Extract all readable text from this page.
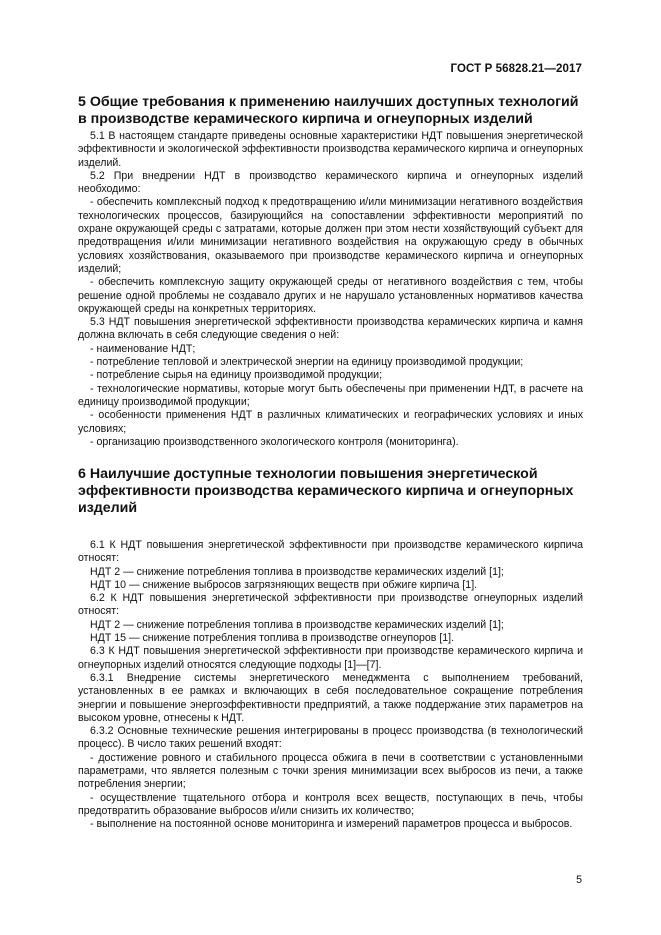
ГОСТ Р 56828.21—2017
5 Общие требования к применению наилучших доступных технологий в производстве керамического кирпича и огнеупорных изделий

5.1 В настоящем стандарте приведены основные характеристики НДТ повышения энергетической эффективности и экологической эффективности производства керамического кирпича и огнеупорных изделий.

5.2 При внедрении НДТ в производство керамического кирпича и огнеупорных изделий необходимо:

- обеспечить комплексный подход к предотвращению и/или минимизации негативного воздействия технологических процессов, базирующийся на сопоставлении эффективности мероприятий по охране окружающей среды с затратами, которые должен при этом нести хозяйствующий субъект для предотвращения и/или минимизации негативного воздействия на окружающую среду в обычных условиях хозяйствования, оказываемого при производстве керамического кирпича и огнеупорных изделий;

- обеспечить комплексную защиту окружающей среды от негативного воздействия с тем, чтобы решение одной проблемы не создавало других и не нарушало установленных нормативов качества окружающей среды на конкретных территориях.

5.3 НДТ повышения энергетической эффективности производства керамических кирпича и камня должна включать в себя следующие сведения о ней:

- наименование НДТ;

- потребление тепловой и электрической энергии на единицу производимой продукции;

- потребление сырья на единицу производимой продукции;

- технологические нормативы, которые могут быть обеспечены при применении НДТ, в расчете на единицу производимой продукции;

- особенности применения НДТ в различных климатических и географических условиях и иных условиях;

- организацию производственного экологического контроля (мониторинга).

6 Наилучшие доступные технологии повышения энергетической эффективности производства керамического кирпича и огнеупорных изделий

6.1 К НДТ повышения энергетической эффективности при производстве керамического кирпича относят:

НДТ 2 — снижение потребления топлива в производстве керамических изделий [1];

НДТ 10 — снижение выбросов загрязняющих веществ при обжиге кирпича [1].

6.2 К НДТ повышения энергетической эффективности при производстве огнеупорных изделий относят:

НДТ 2 — снижение потребления топлива в производстве керамических изделий [1];

НДТ 15 — снижение потребления топлива в производстве огнеупоров [1].

6.3 К НДТ повышения энергетической эффективности при производстве керамического кирпича и огнеупорных изделий относятся следующие подходы [1]—[7].

6.3.1 Внедрение системы энергетического менеджмента с выполнением требований, установленных в ее рамках и включающих в себя последовательное сокращение потребления энергии и повышение энергоэффективности предприятий, а также поддержание этих параметров на высоком уровне, отнесены к НДТ.

6.3.2 Основные технические решения интегрированы в процесс производства (в технологический процесс). В число таких решений входят:

- достижение ровного и стабильного процесса обжига в печи в соответствии с установленными параметрами, что является полезным с точки зрения минимизации всех выбросов из печи, а также потребления энергии;

- осуществление тщательного отбора и контроля всех веществ, поступающих в печь, чтобы предотвратить образование выбросов и/или снизить их количество;

- выполнение на постоянной основе мониторинга и измерений параметров процесса и выбросов.

5
